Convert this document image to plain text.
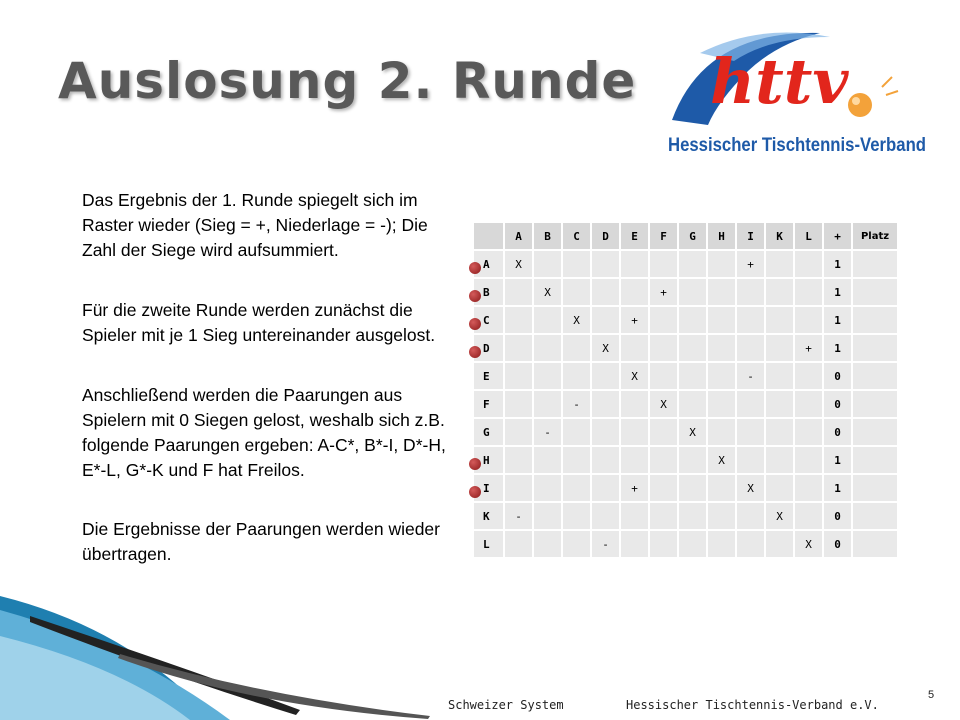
Auslosung 2. Runde httv
Hessischer Tischtennis-Verband

Das Ergebnis der 1. Runde spiegelt sich im Raster wieder (Sieg = +, Niederlage = -); Die Zahl der Siege wird aufsummiert.

Für die zweite Runde werden zunächst die Spieler mit je 1 Sieg untereinander ausgelost.

Anschließend werden die Paarungen aus Spielern mit 0 Siegen gelost, weshalb sich z.B. folgende Paarungen ergeben: A-C*, B*-I, D*-H, E*-L, G*-K und F hat Freilos.

Die Ergebnisse der Paarungen werden wieder übertragen.

	A	B	C	D	E	F	G	H	I	K	L	+	Platz
A	X								+			1	
B		X				+						1	
C			X		+							1	
D				X							+	1	
E					X				-			0	
F			-			X						0	
G		-					X					0	
H								X				1	
I					+				X			1	
K	-									X		0	
L				-							X	0	
Schweizer System	Hessischer Tischtennis-Verband e.V.
5
